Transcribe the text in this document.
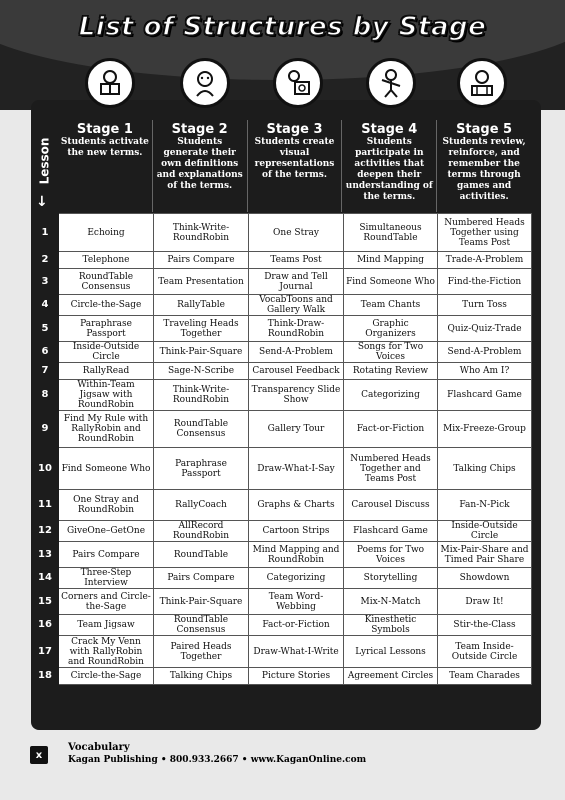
List of Structures by Stage
Lesson
↓
Stage 1
Students activate the new terms.
Stage 2
Students generate their own definitions and explanations of the terms.
Stage 3
Students create visual representations of the terms.
Stage 4
Students participate in activities that deepen their understanding of the terms.
Stage 5
Students review, reinforce, and remember the terms through games and activities.
1	Echoing	Think-Write-RoundRobin	One Stray	Simultaneous RoundTable	Numbered Heads Together using Teams Post
2	Telephone	Pairs Compare	Teams Post	Mind Mapping	Trade-A-Problem
3	RoundTable Consensus	Team Presentation	Draw and Tell Journal	Find Someone Who	Find-the-Fiction
4	Circle-the-Sage	RallyTable	VocabToons and Gallery Walk	Team Chants	Turn Toss
5	Paraphrase Passport	Traveling Heads Together	Think-Draw-RoundRobin	Graphic Organizers	Quiz-Quiz-Trade
6	Inside-Outside Circle	Think-Pair-Square	Send-A-Problem	Songs for Two Voices	Send-A-Problem
7	RallyRead	Sage-N-Scribe	Carousel Feedback	Rotating Review	Who Am I?
8	Within-Team Jigsaw with RoundRobin	Think-Write-RoundRobin	Transparency Slide Show	Categorizing	Flashcard Game
9	Find My Rule with RallyRobin and RoundRobin	RoundTable Consensus	Gallery Tour	Fact-or-Fiction	Mix-Freeze-Group
10	Find Someone Who	Paraphrase Passport	Draw-What-I-Say	Numbered Heads Together and Teams Post	Talking Chips
11	One Stray and RoundRobin	RallyCoach	Graphs & Charts	Carousel Discuss	Fan-N-Pick
12	GiveOne–GetOne	AllRecord RoundRobin	Cartoon Strips	Flashcard Game	Inside-Outside Circle
13	Pairs Compare	RoundTable	Mind Mapping and RoundRobin	Poems for Two Voices	Mix-Pair-Share and Timed Pair Share
14	Three-Step Interview	Pairs Compare	Categorizing	Storytelling	Showdown
15	Corners and Circle-the-Sage	Think-Pair-Square	Team Word-Webbing	Mix-N-Match	Draw It!
16	Team Jigsaw	RoundTable Consensus	Fact-or-Fiction	Kinesthetic Symbols	Stir-the-Class
17	Crack My Venn with RallyRobin and RoundRobin	Paired Heads Together	Draw-What-I-Write	Lyrical Lessons	Team Inside-Outside Circle
18	Circle-the-Sage	Talking Chips	Picture Stories	Agreement Circles	Team Charades
x
Vocabulary
Kagan Publishing • 800.933.2667 • www.KaganOnline.com
